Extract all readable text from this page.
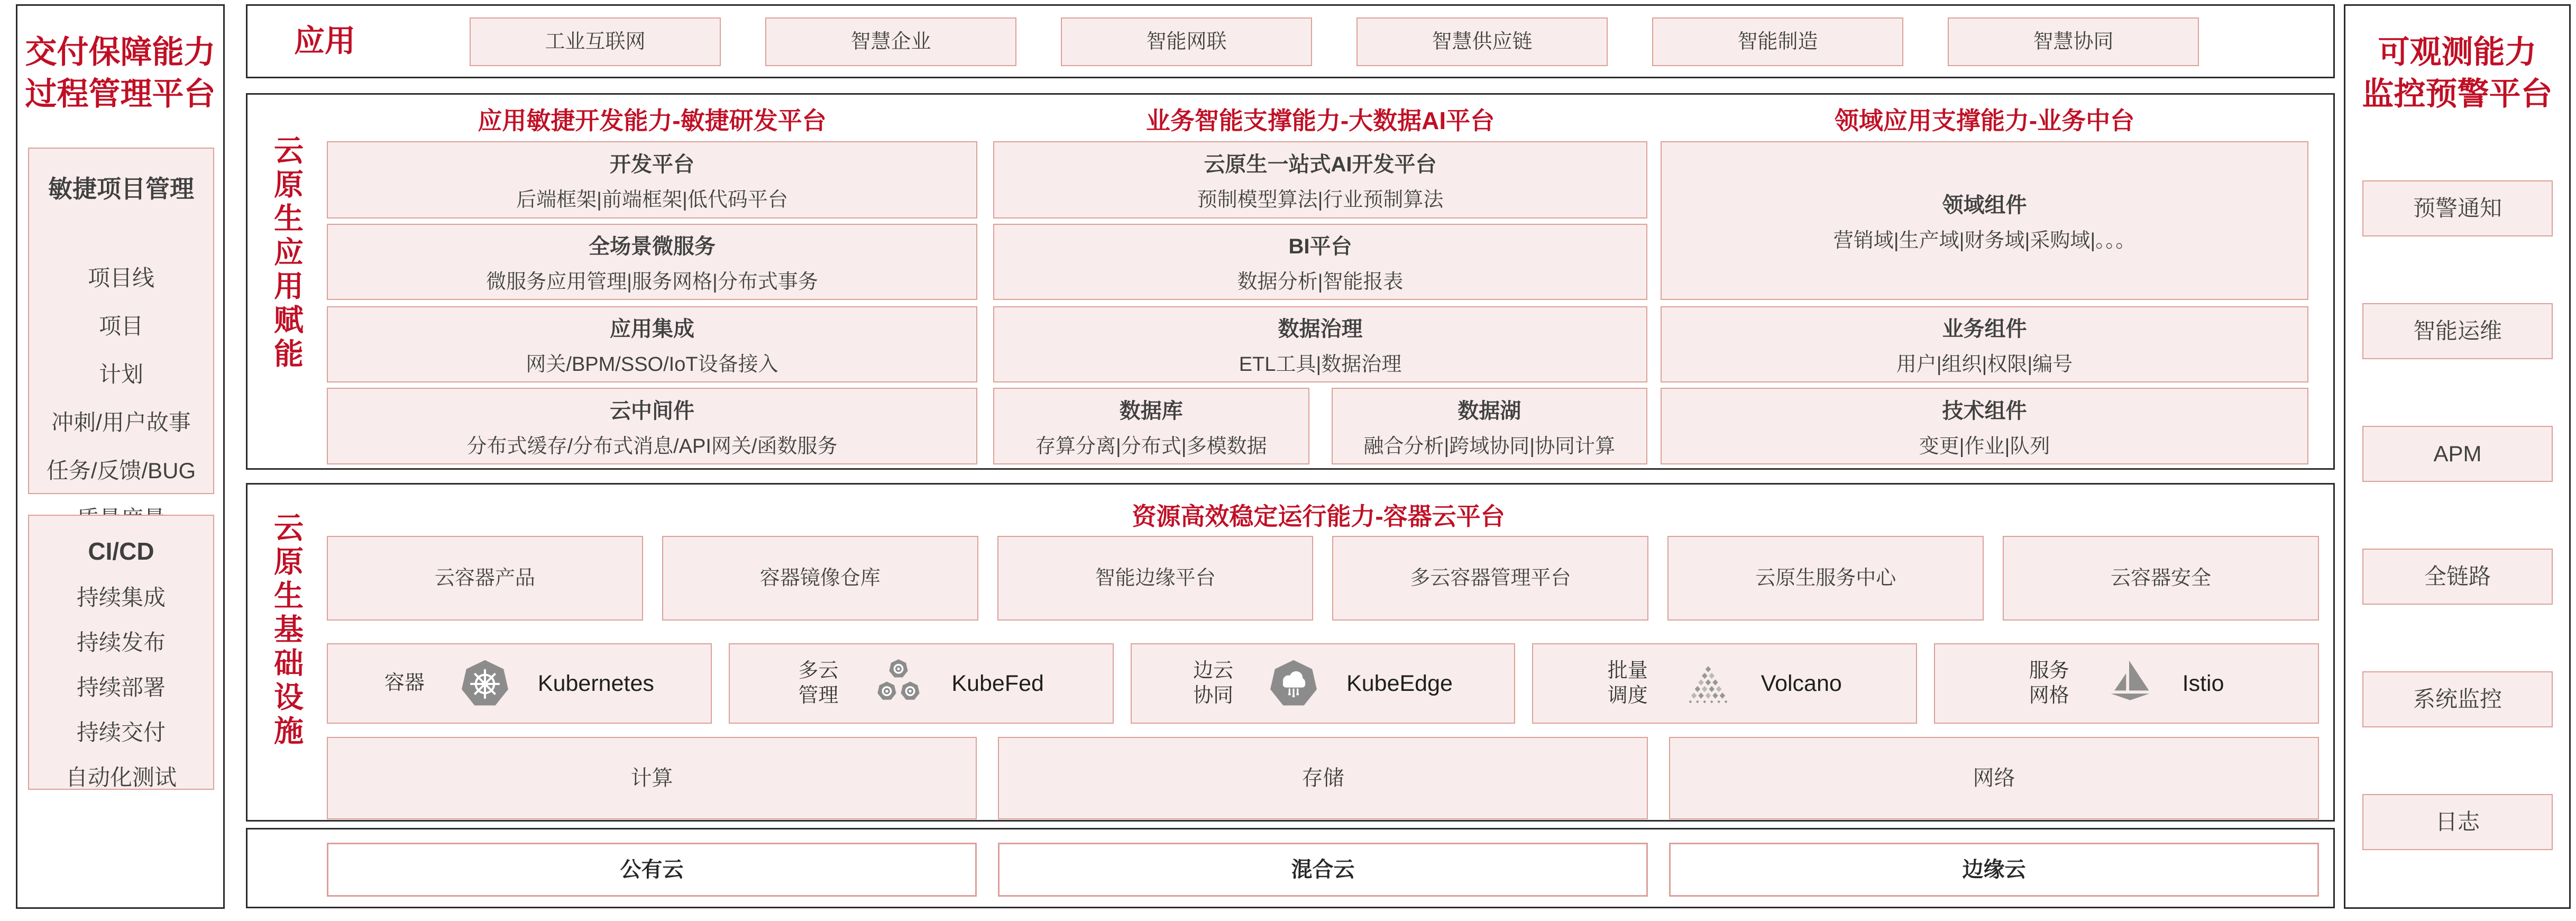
交付保障能力
过程管理平台
敏捷项目管理
项目线
项目
计划
冲刺/用户故事
任务/反馈/BUG
CI/CD
持续集成
持续发布
持续部署
持续交付
自动化测试
应用	工业互联网	智慧企业	智能网联	智慧供应链	智能制造	智慧协同
云原生应用赋能
应用敏捷开发能力-敏捷研发平台
开发平台
后端框架|前端框架|低代码平台
全场景微服务
微服务应用管理|服务网格|分布式事务
应用集成
网关/BPM/SSO/IoT设备接入
云中间件
分布式缓存/分布式消息/API网关/函数服务
业务智能支撑能力-大数据AI平台
云原生一站式AI开发平台
预制模型算法|行业预制算法
BI平台
数据分析|智能报表
数据治理
ETL工具|数据治理
数据库
存算分离|分布式|多模数据
数据湖
融合分析|跨域协同|协同计算
领域应用支撑能力-业务中台
领域组件
营销域|生产域|财务域|采购域|。。。
业务组件
用户|组织|权限|编号
技术组件
变更|作业|队列
云原生基础设施	资源高效稳定运行能力-容器云平台
云容器产品	容器镜像仓库	智能边缘平台	多云容器管理平台	云原生服务中心	云容器安全
容器	Kubernetes	多云管理	KubeFed	边云协同	KubeEdge	批量调度	Volcano	服务网格	Istio
计算	存储	网络
公有云	混合云	边缘云
可观测能力
监控预警平台
预警通知
智能运维
APM
全链路
系统监控
日志
